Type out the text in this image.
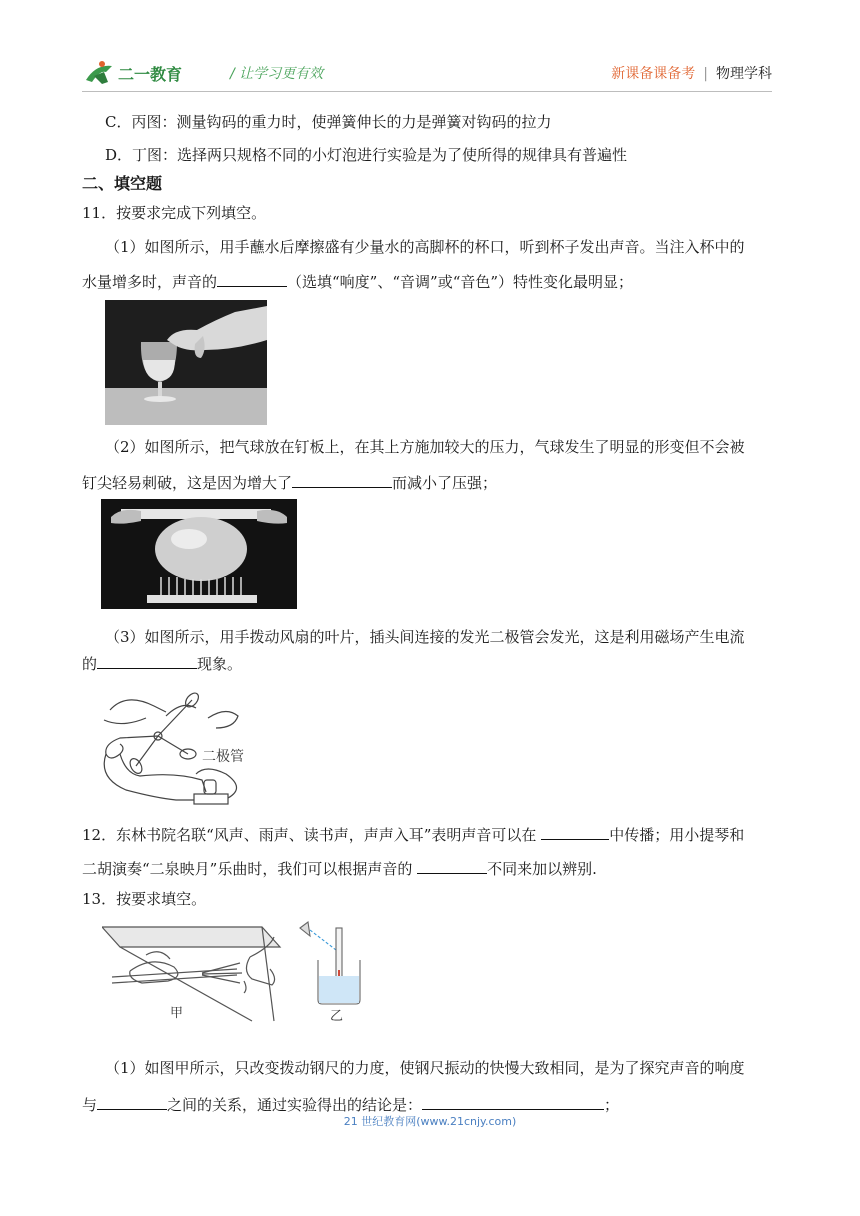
二一教育	/ 让学习更有效	新课备课备考 | 物理学科
C．丙图：测量钩码的重力时，使弹簧伸长的力是弹簧对钩码的拉力
D．丁图：选择两只规格不同的小灯泡进行实验是为了使所得的规律具有普遍性
二、填空题
11．按要求完成下列填空。
（1）如图所示，用手蘸水后摩擦盛有少量水的高脚杯的杯口，听到杯子发出声音。当注入杯中的
水量增多时，声音的	（选填“响度”、“音调”或“音色”）特性变化最明显；
（2）如图所示，把气球放在钉板上，在其上方施加较大的压力，气球发生了明显的形变但不会被
钉尖轻易刺破，这是因为增大了	而减小了压强；
（3）如图所示，用手拨动风扇的叶片，插头间连接的发光二极管会发光，这是利用磁场产生电流
的	现象。
二极管
12．东林书院名联“风声、雨声、读书声，声声入耳”表明声音可以在	中传播；用小提琴和
二胡演奏“二泉映月”乐曲时，我们可以根据声音的	不同来加以辨别.
13．按要求填空。
甲	乙
（1）如图甲所示，只改变拨动钢尺的力度，使钢尺振动的快慢大致相同，是为了探究声音的响度
与	之间的关系，通过实验得出的结论是：	；
21 世纪教育网(www.21cnjy.com)
